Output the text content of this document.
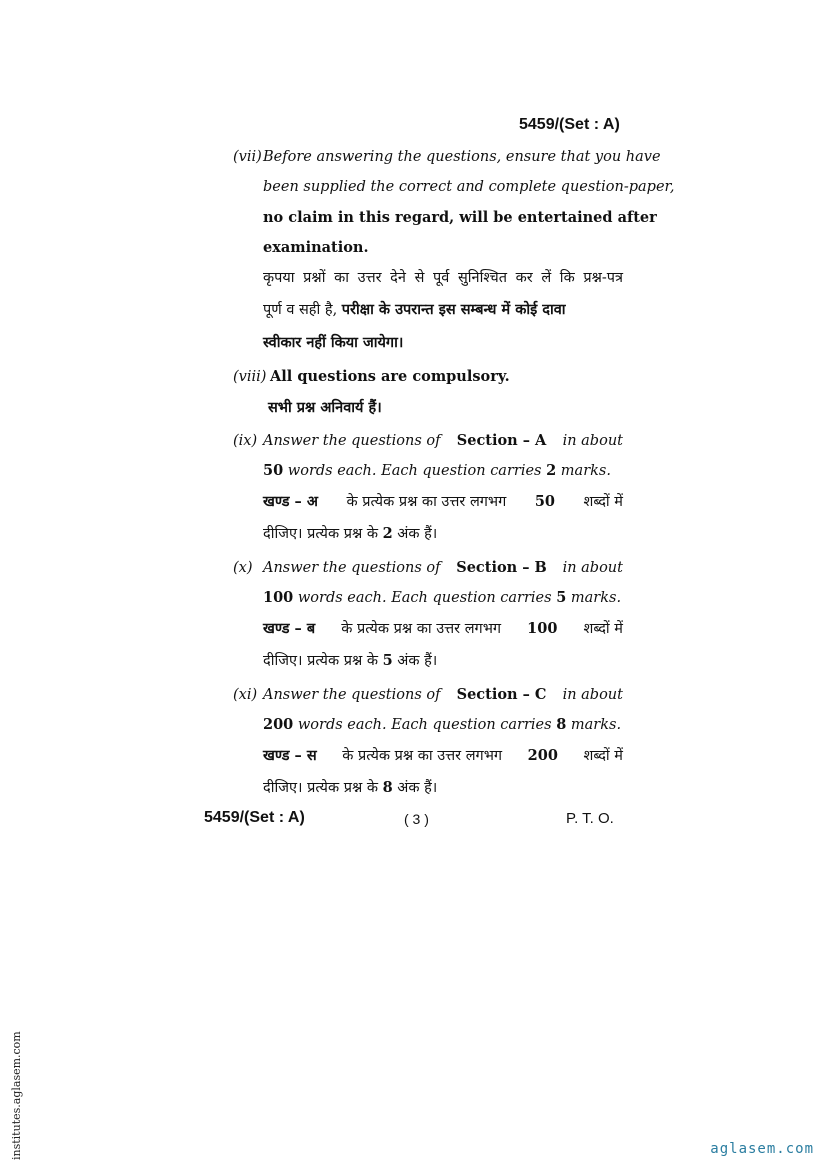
5459/(Set : A)
(vii) Before answering the questions, ensure that you have
been supplied the correct and complete question-paper,
no claim in this regard, will be entertained after
examination.
कृपया प्रश्नों का उत्तर देने से पूर्व सुनिश्चित कर लें कि प्रश्न-पत्र
पूर्ण व सही है, परीक्षा के उपरान्त इस सम्बन्ध में कोई दावा
स्वीकार नहीं किया जायेगा।
(viii) All questions are compulsory.
सभी प्रश्न अनिवार्य हैं।
(ix) Answer the questions of Section – A in about
50 words each. Each question carries 2 marks.
खण्ड – अ के प्रत्येक प्रश्न का उत्तर लगभग 50 शब्दों में
दीजिए। प्रत्येक प्रश्न के 2 अंक हैं।
(x) Answer the questions of Section – B in about
100 words each. Each question carries 5 marks.
खण्ड – ब के प्रत्येक प्रश्न का उत्तर लगभग 100 शब्दों में
दीजिए। प्रत्येक प्रश्न के 5 अंक हैं।
(xi) Answer the questions of Section – C in about
200 words each. Each question carries 8 marks.
खण्ड – स के प्रत्येक प्रश्न का उत्तर लगभग 200 शब्दों में
दीजिए। प्रत्येक प्रश्न के 8 अंक हैं।
5459/(Set : A)	( 3 )	P. T. O.
institutes.aglasem.com	aglasem.com
